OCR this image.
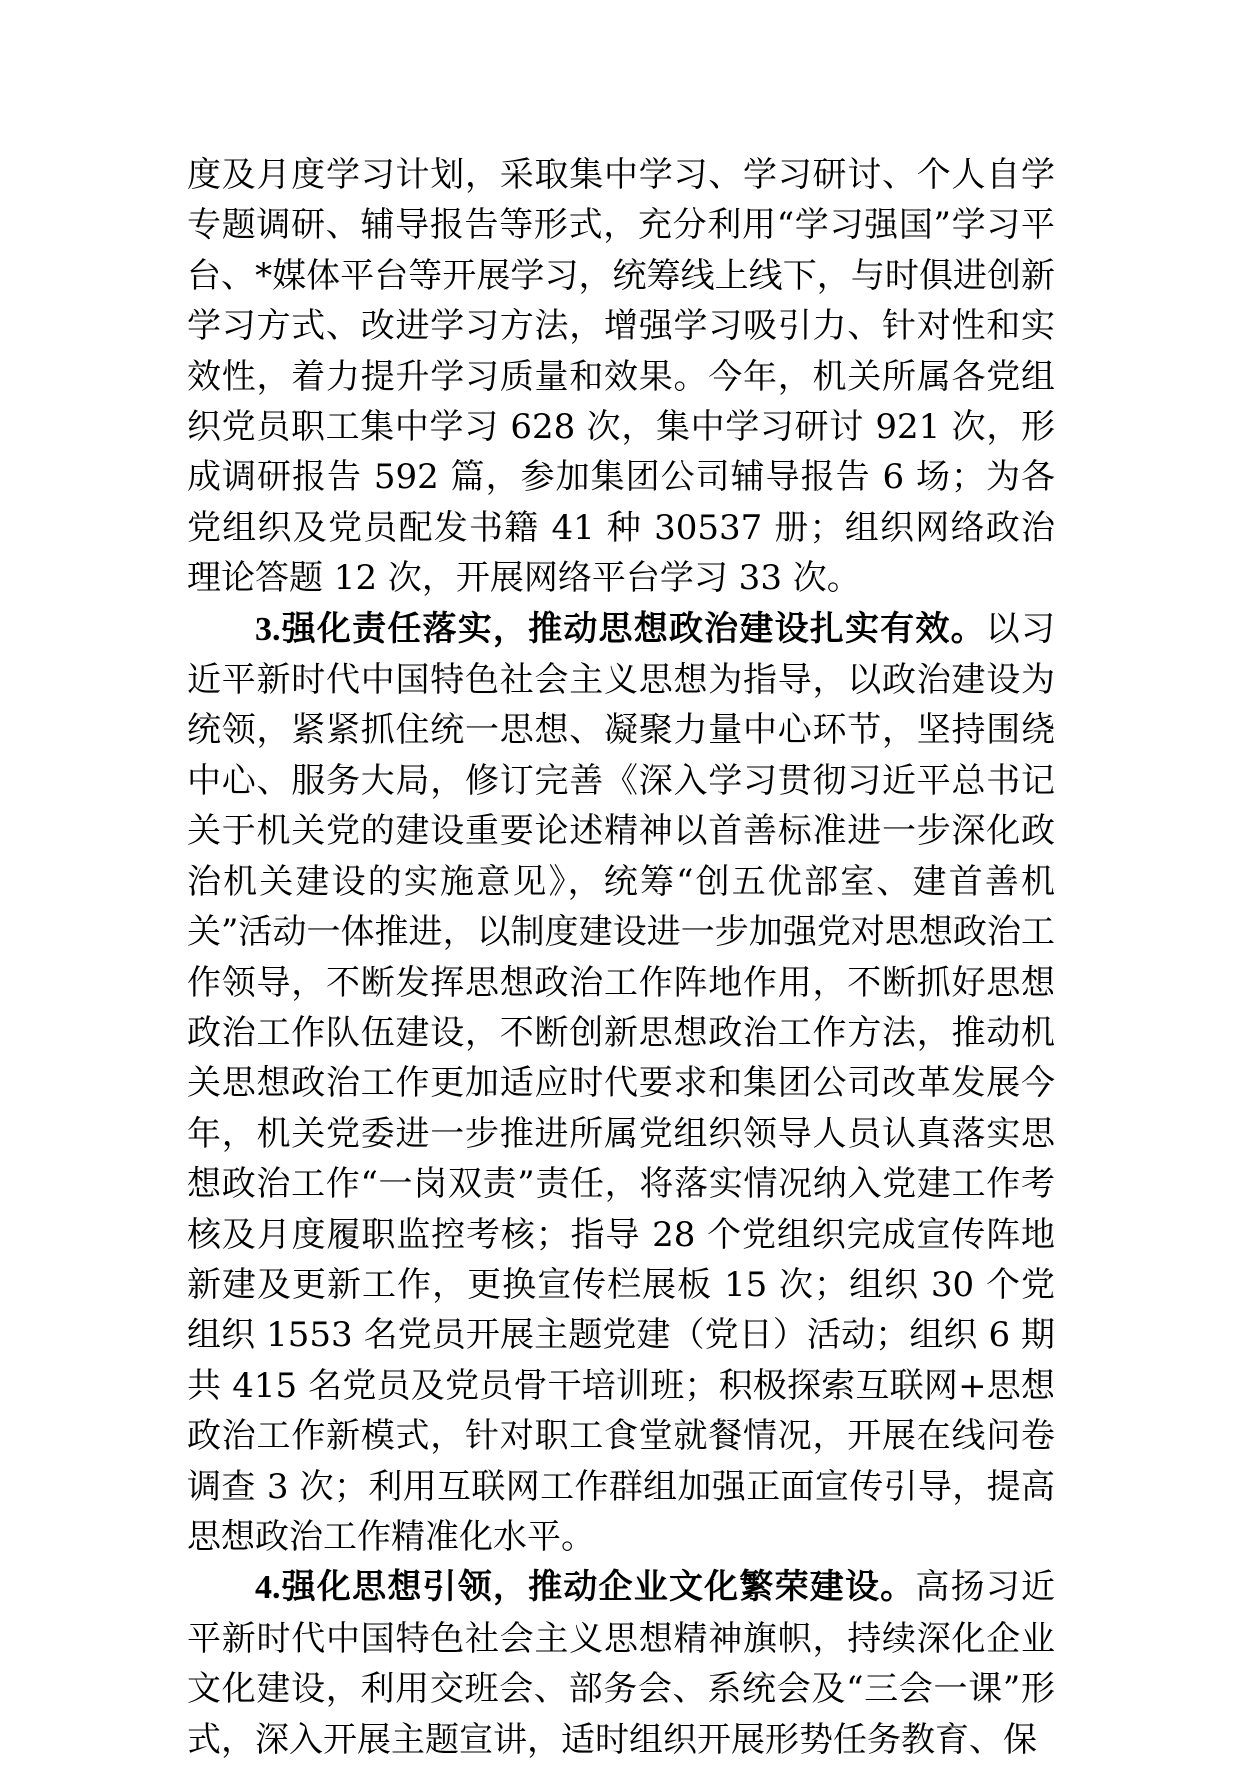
度及月度学习计划，采取集中学习、学习研讨、个人自学专题调研、辅导报告等形式，充分利用“学习强国”学习平台、*媒体平台等开展学习，统筹线上线下，与时俱进创新学习方式、改进学习方法，增强学习吸引力、针对性和实效性，着力提升学习质量和效果。今年，机关所属各党组织党员职工集中学习 628 次，集中学习研讨 921 次，形成调研报告 592 篇，参加集团公司辅导报告 6 场；为各党组织及党员配发书籍 41 种 30537 册；组织网络政治理论答题 12 次，开展网络平台学习 33 次。

3.强化责任落实，推动思想政治建设扎实有效。以习近平新时代中国特色社会主义思想为指导，以政治建设为统领，紧紧抓住统一思想、凝聚力量中心环节，坚持围绕中心、服务大局，修订完善《深入学习贯彻习近平总书记关于机关党的建设重要论述精神以首善标准进一步深化政治机关建设的实施意见》，统筹“创五优部室、建首善机关”活动一体推进，以制度建设进一步加强党对思想政治工作领导，不断发挥思想政治工作阵地作用，不断抓好思想政治工作队伍建设，不断创新思想政治工作方法，推动机关思想政治工作更加适应时代要求和集团公司改革发展今年，机关党委进一步推进所属党组织领导人员认真落实思想政治工作“一岗双责”责任，将落实情况纳入党建工作考核及月度履职监控考核；指导 28 个党组织完成宣传阵地新建及更新工作，更换宣传栏展板 15 次；组织 30 个党组织 1553 名党员开展主题党建（党日）活动；组织 6 期共 415 名党员及党员骨干培训班；积极探索互联网+思想政治工作新模式，针对职工食堂就餐情况，开展在线问卷调查 3 次；利用互联网工作群组加强正面宣传引导，提高思想政治工作精准化水平。

4.强化思想引领，推动企业文化繁荣建设。高扬习近平新时代中国特色社会主义思想精神旗帜，持续深化企业文化建设，利用交班会、部务会、系统会及“三会一课”形式，深入开展主题宣讲，适时组织开展形势任务教育、保
